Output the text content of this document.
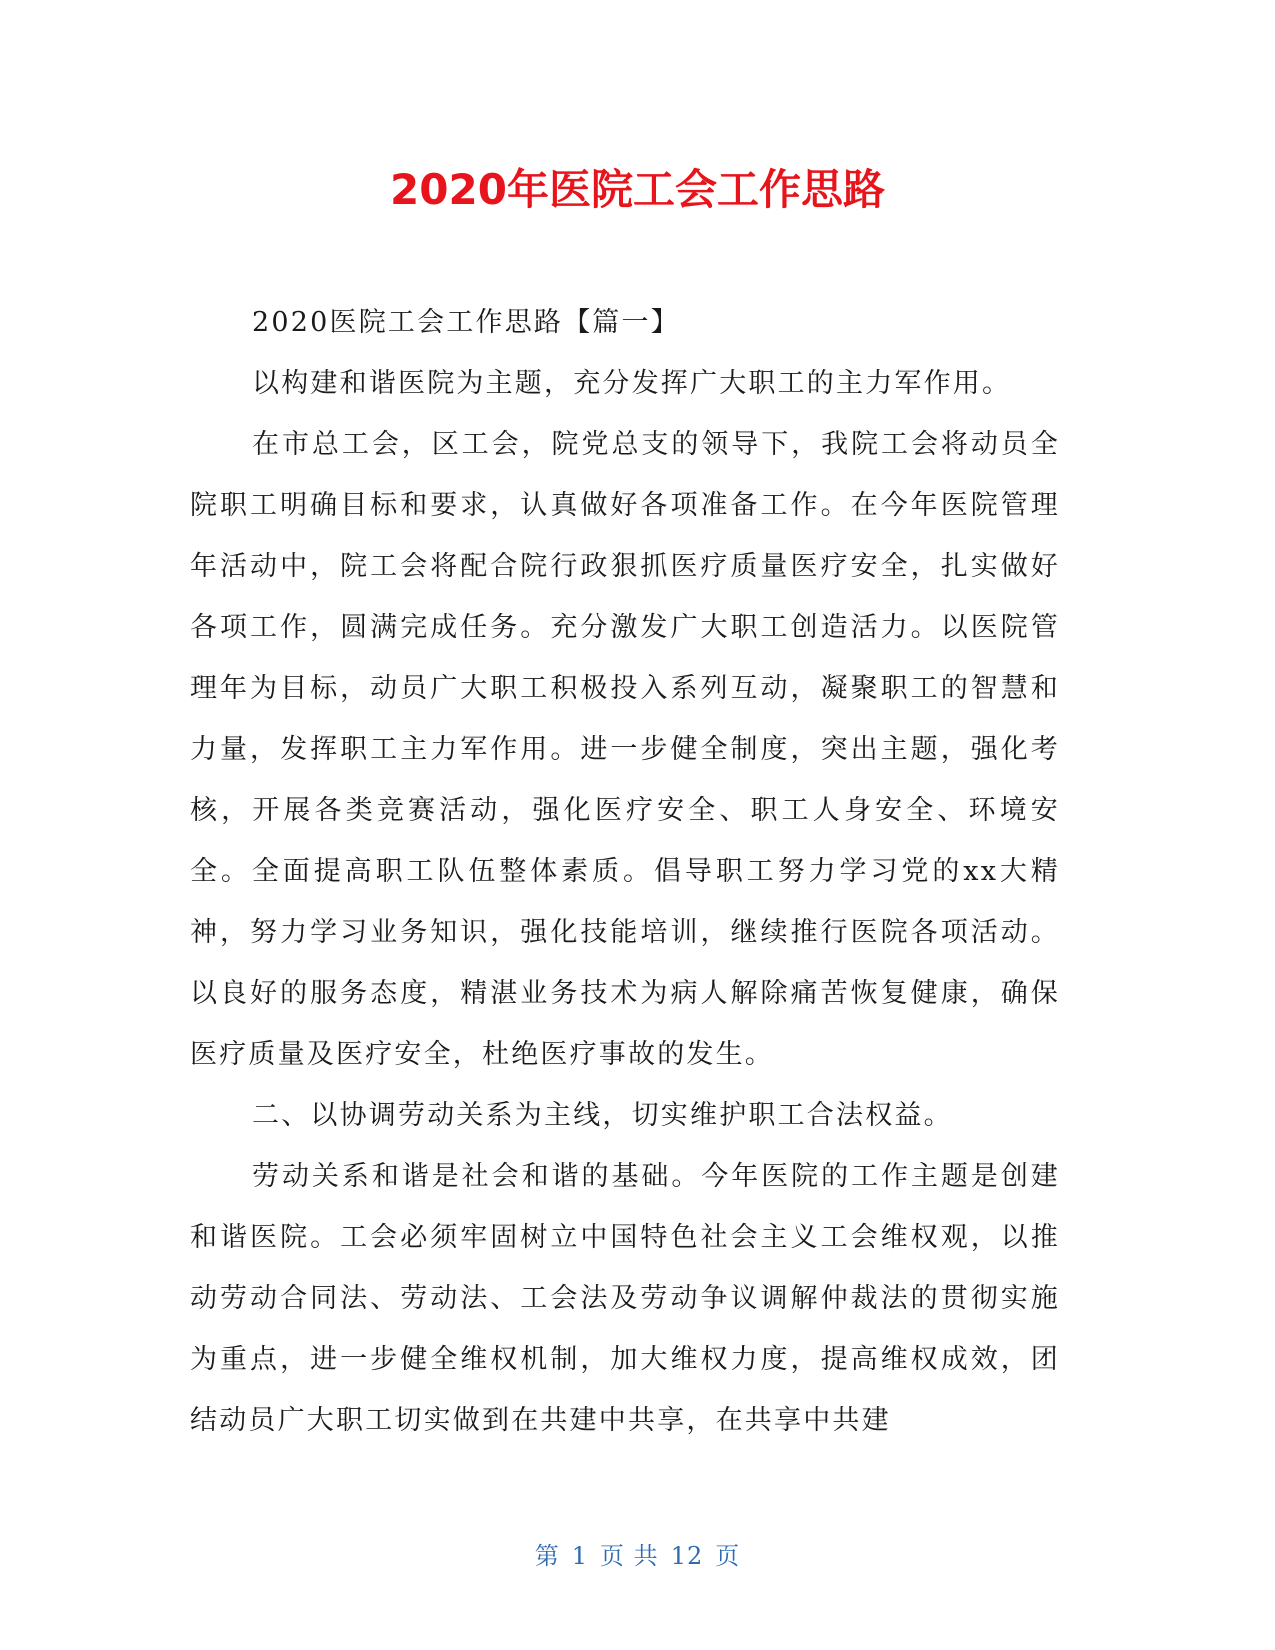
2020年医院工会工作思路

2020医院工会工作思路【篇一】

以构建和谐医院为主题，充分发挥广大职工的主力军作用。

在市总工会，区工会，院党总支的领导下，我院工会将动员全院职工明确目标和要求，认真做好各项准备工作。在今年医院管理年活动中，院工会将配合院行政狠抓医疗质量医疗安全，扎实做好各项工作，圆满完成任务。充分激发广大职工创造活力。以医院管理年为目标，动员广大职工积极投入系列互动，凝聚职工的智慧和力量，发挥职工主力军作用。进一步健全制度，突出主题，强化考核，开展各类竞赛活动，强化医疗安全、职工人身安全、环境安全。全面提高职工队伍整体素质。倡导职工努力学习党的xx大精神，努力学习业务知识，强化技能培训，继续推行医院各项活动。以良好的服务态度，精湛业务技术为病人解除痛苦恢复健康，确保医疗质量及医疗安全，杜绝医疗事故的发生。

二、以协调劳动关系为主线，切实维护职工合法权益。

劳动关系和谐是社会和谐的基础。今年医院的工作主题是创建和谐医院。工会必须牢固树立中国特色社会主义工会维权观，以推动劳动合同法、劳动法、工会法及劳动争议调解仲裁法的贯彻实施为重点，进一步健全维权机制，加大维权力度，提高维权成效，团结动员广大职工切实做到在共建中共享，在共享中共建

第 1 页 共 12 页
